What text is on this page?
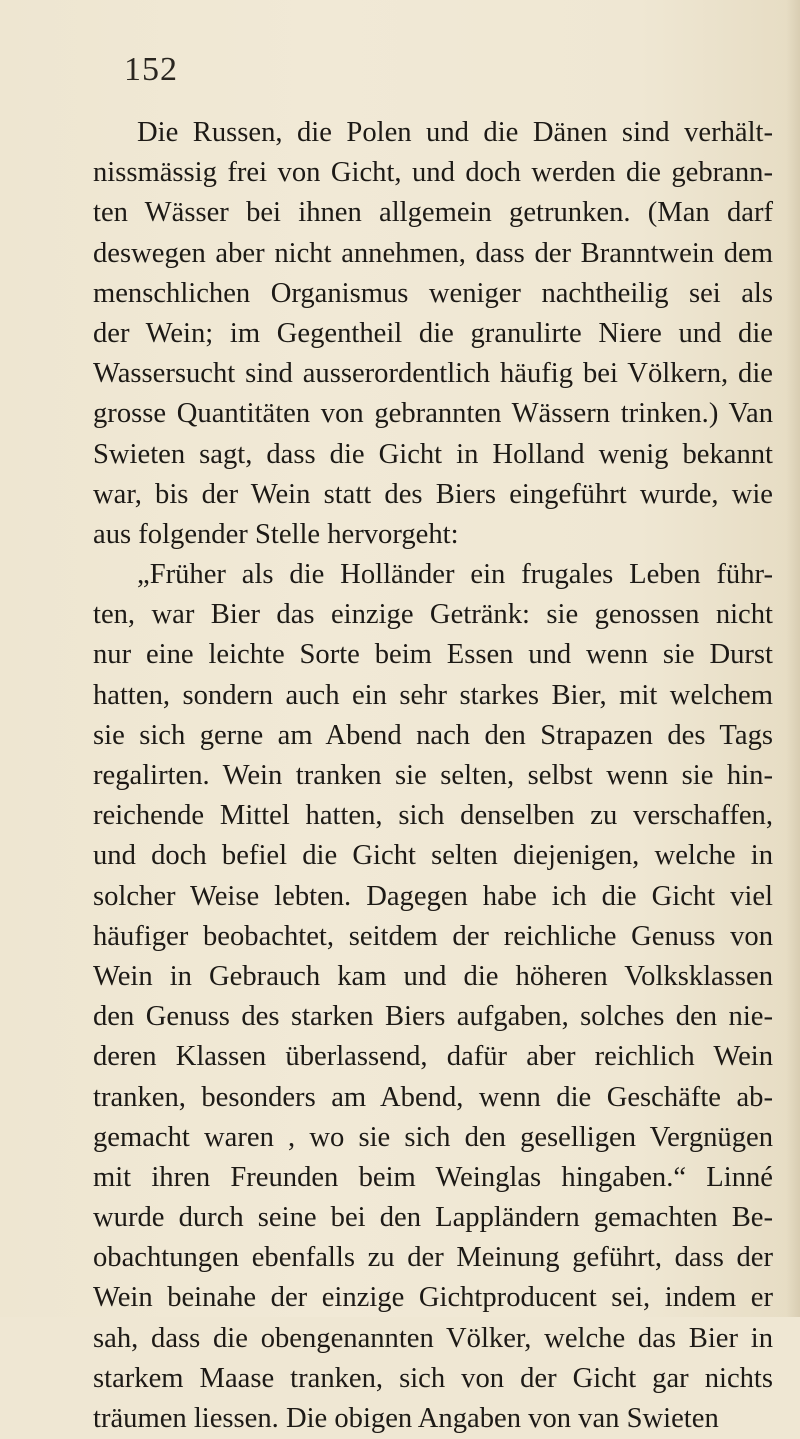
152
Die Russen, die Polen und die Dänen sind verhält-
nissmässig frei von Gicht, und doch werden die gebrann-
ten Wässer bei ihnen allgemein getrunken. (Man darf
deswegen aber nicht annehmen, dass der Branntwein dem
menschlichen Organismus weniger nachtheilig sei als
der Wein; im Gegentheil die granulirte Niere und die
Wassersucht sind ausserordentlich häufig bei Völkern, die
grosse Quantitäten von gebrannten Wässern trinken.) Van
Swieten sagt, dass die Gicht in Holland wenig bekannt
war, bis der Wein statt des Biers eingeführt wurde, wie
aus folgender Stelle hervorgeht:
„Früher als die Holländer ein frugales Leben führ-
ten, war Bier das einzige Getränk: sie genossen nicht
nur eine leichte Sorte beim Essen und wenn sie Durst
hatten, sondern auch ein sehr starkes Bier, mit welchem
sie sich gerne am Abend nach den Strapazen des Tags
regalirten. Wein tranken sie selten, selbst wenn sie hin-
reichende Mittel hatten, sich denselben zu verschaffen,
und doch befiel die Gicht selten diejenigen, welche in
solcher Weise lebten. Dagegen habe ich die Gicht viel
häufiger beobachtet, seitdem der reichliche Genuss von
Wein in Gebrauch kam und die höheren Volksklassen
den Genuss des starken Biers aufgaben, solches den nie-
deren Klassen überlassend, dafür aber reichlich Wein
tranken, besonders am Abend, wenn die Geschäfte ab-
gemacht waren , wo sie sich den geselligen Vergnügen
mit ihren Freunden beim Weinglas hingaben.“ Linné
wurde durch seine bei den Lappländern gemachten Be-
obachtungen ebenfalls zu der Meinung geführt, dass der
Wein beinahe der einzige Gichtproducent sei, indem er
sah, dass die obengenannten Völker, welche das Bier in
starkem Maase tranken, sich von der Gicht gar nichts
träumen liessen. Die obigen Angaben von van Swieten
